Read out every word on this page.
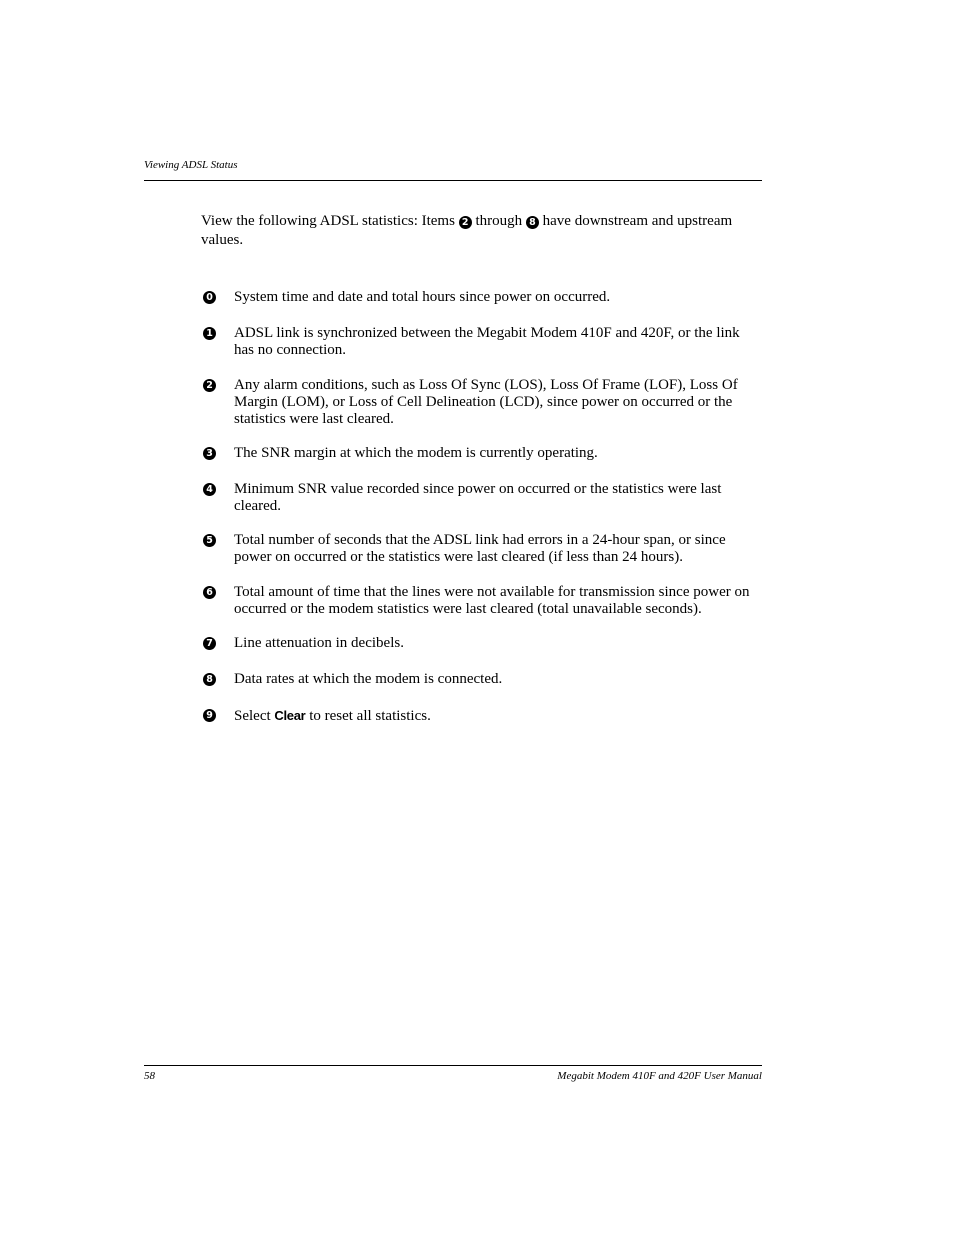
Viewing ADSL Status

View the following ADSL statistics: Items 2 through 8 have downstream and upstream values.

0 System time and date and total hours since power on occurred.
1 ADSL link is synchronized between the Megabit Modem 410F and 420F, or the link has no connection.
2 Any alarm conditions, such as Loss Of Sync (LOS), Loss Of Frame (LOF), Loss Of Margin (LOM), or Loss of Cell Delineation (LCD), since power on occurred or the statistics were last cleared.
3 The SNR margin at which the modem is currently operating.
4 Minimum SNR value recorded since power on occurred or the statistics were last cleared.
5 Total number of seconds that the ADSL link had errors in a 24-hour span, or since power on occurred or the statistics were last cleared (if less than 24 hours).
6 Total amount of time that the lines were not available for transmission since power on occurred or the modem statistics were last cleared (total unavailable seconds).
7 Line attenuation in decibels.
8 Data rates at which the modem is connected.
9 Select Clear to reset all statistics.
58	Megabit Modem 410F and 420F User Manual
